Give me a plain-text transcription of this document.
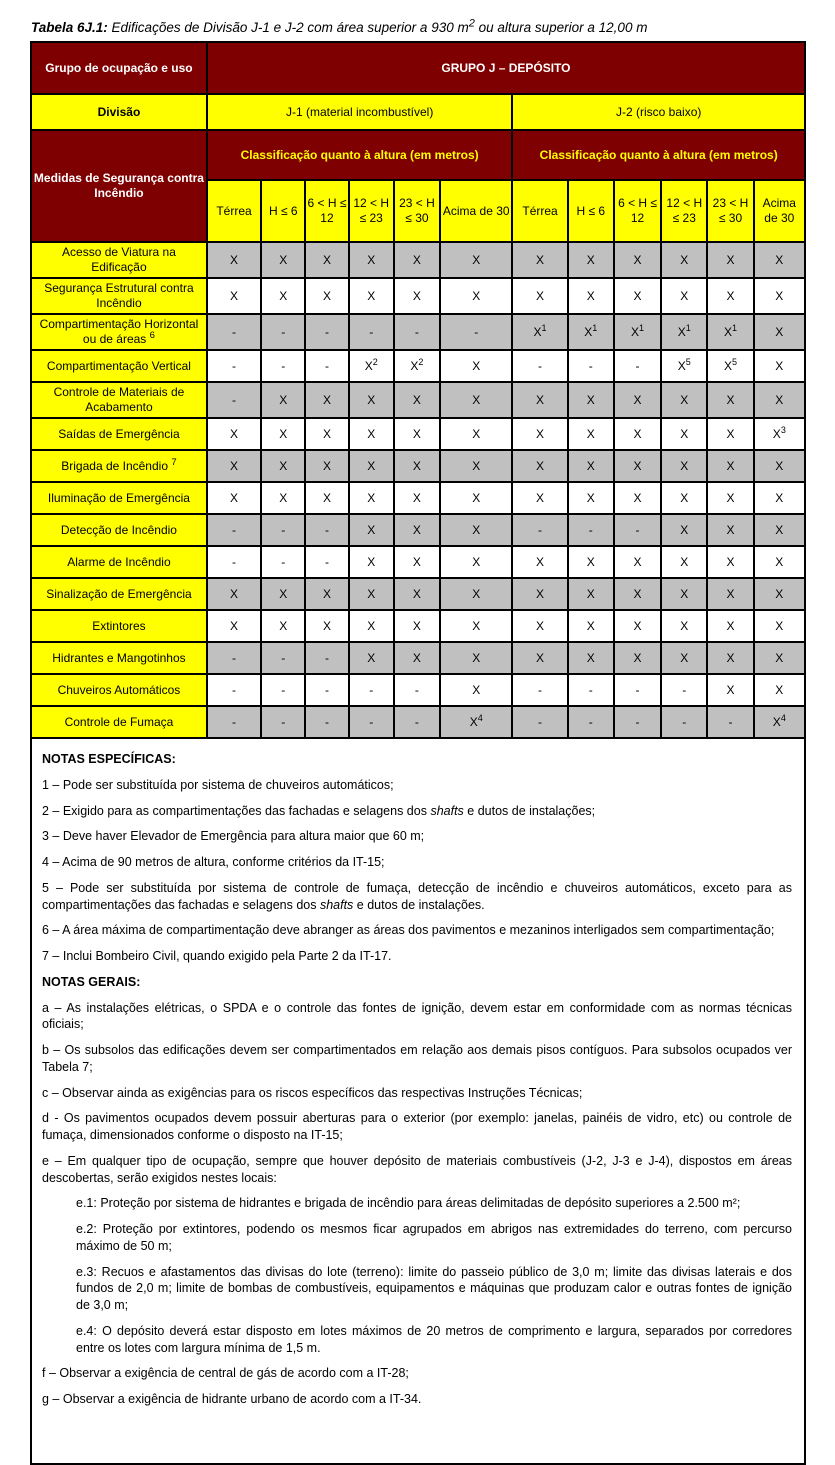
Tabela 6J.1: Edificações de Divisão J-1 e J-2 com área superior a 930 $m^2$ ou altura superior a 12,00 m

Grupo de ocupação e uso	GRUPO J – DEPÓSITO											
Divisão	J-1 (material incombustível)						J-2 (risco baixo)					
Medidas de Segurança contra Incêndio	Classificação quanto à altura (em metros)						Classificação quanto à altura (em metros)					
	Térrea	H ≤ 6	6 < H ≤ 12	12 < H ≤ 23	23 < H ≤ 30	Acima de 30	Térrea	H ≤ 6	6 < H ≤ 12	12 < H ≤ 23	23 < H ≤ 30	Acima de 30
Acesso de Viatura na Edificação	X	X	X	X	X	X	X	X	X	X	X	X
Segurança Estrutural contra Incêndio	X	X	X	X	X	X	X	X	X	X	X	X
Compartimentação Horizontal ou de áreas $^6$	-	-	-	-	-	-	$X^1$	$X^1$	$X^1$	$X^1$	$X^1$	X
Compartimentação Vertical	-	-	-	$X^2$	$X^2$	X	-	-	-	$X^5$	$X^5$	X
Controle de Materiais de Acabamento	-	X	X	X	X	X	X	X	X	X	X	X
Saídas de Emergência	X	X	X	X	X	X	X	X	X	X	X	$X^3$
Brigada de Incêndio $^7$	X	X	X	X	X	X	X	X	X	X	X	X
Iluminação de Emergência	X	X	X	X	X	X	X	X	X	X	X	X
Detecção de Incêndio	-	-	-	X	X	X	-	-	-	X	X	X
Alarme de Incêndio	-	-	-	X	X	X	X	X	X	X	X	X
Sinalização de Emergência	X	X	X	X	X	X	X	X	X	X	X	X
Extintores	X	X	X	X	X	X	X	X	X	X	X	X
Hidrantes e Mangotinhos	-	-	-	X	X	X	X	X	X	X	X	X
Chuveiros Automáticos	-	-	-	-	-	X	-	-	-	-	X	X
Controle de Fumaça	-	-	-	-	-	$X^4$	-	-	-	-	-	$X^4$

NOTAS ESPECÍFICAS:

1 – Pode ser substituída por sistema de chuveiros automáticos;

2 – Exigido para as compartimentações das fachadas e selagens dos shafts e dutos de instalações;

3 – Deve haver Elevador de Emergência para altura maior que 60 m;

4 – Acima de 90 metros de altura, conforme critérios da IT-15;

5 – Pode ser substituída por sistema de controle de fumaça, detecção de incêndio e chuveiros automáticos, exceto para as compartimentações das fachadas e selagens dos shafts e dutos de instalações.

6 – A área máxima de compartimentação deve abranger as áreas dos pavimentos e mezaninos interligados sem compartimentação;

7 – Inclui Bombeiro Civil, quando exigido pela Parte 2 da IT-17.

NOTAS GERAIS:

a – As instalações elétricas, o SPDA e o controle das fontes de ignição, devem estar em conformidade com as normas técnicas oficiais;

b – Os subsolos das edificações devem ser compartimentados em relação aos demais pisos contíguos. Para subsolos ocupados ver Tabela 7;

c – Observar ainda as exigências para os riscos específicos das respectivas Instruções Técnicas;

d - Os pavimentos ocupados devem possuir aberturas para o exterior (por exemplo: janelas, painéis de vidro, etc) ou controle de fumaça, dimensionados conforme o disposto na IT-15;

e – Em qualquer tipo de ocupação, sempre que houver depósito de materiais combustíveis (J-2, J-3 e J-4), dispostos em áreas descobertas, serão exigidos nestes locais:

e.1: Proteção por sistema de hidrantes e brigada de incêndio para áreas delimitadas de depósito superiores a 2.500 m²;

e.2: Proteção por extintores, podendo os mesmos ficar agrupados em abrigos nas extremidades do terreno, com percurso máximo de 50 m;

e.3: Recuos e afastamentos das divisas do lote (terreno): limite do passeio público de 3,0 m; limite das divisas laterais e dos fundos de 2,0 m; limite de bombas de combustíveis, equipamentos e máquinas que produzam calor e outras fontes de ignição de 3,0 m;

e.4: O depósito deverá estar disposto em lotes máximos de 20 metros de comprimento e largura, separados por corredores entre os lotes com largura mínima de 1,5 m.

f – Observar a exigência de central de gás de acordo com a IT-28;

g – Observar a exigência de hidrante urbano de acordo com a IT-34.
